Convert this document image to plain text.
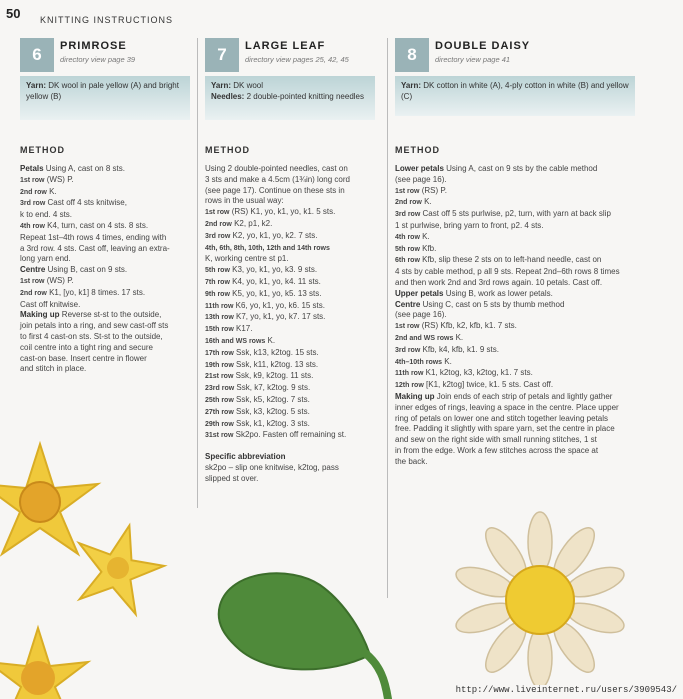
50 KNITTING INSTRUCTIONS
6	PRIMROSE
directory view page 39
Yarn: DK wool in pale yellow (A) and bright yellow (B)
METHOD

Petals Using A, cast on 8 sts.

1st row (WS) P.

2nd row K.

3rd row Cast off 4 sts knitwise,

k to end. 4 sts.

4th row K4, turn, cast on 4 sts. 8 sts.

Repeat 1st–4th rows 4 times, ending with

a 3rd row. 4 sts. Cast off, leaving an extra-

long yarn end.

Centre Using B, cast on 9 sts.

1st row (WS) P.

2nd row K1, [yo, k1] 8 times. 17 sts.

Cast off knitwise.

Making up Reverse st-st to the outside,

join petals into a ring, and sew cast-off sts

to first 4 cast-on sts. St-st to the outside,

coil centre into a tight ring and secure

cast-on base. Insert centre in flower

and stitch in place.

7	LARGE LEAF
directory view pages 25, 42, 45
Yarn: DK wool
Needles: 2 double-pointed knitting needles
METHOD

Using 2 double-pointed needles, cast on

3 sts and make a 4.5cm (1¾in) long cord

(see page 17). Continue on these sts in

rows in the usual way:

1st row (RS) K1, yo, k1, yo, k1. 5 sts.

2nd row K2, p1, k2.

3rd row K2, yo, k1, yo, k2. 7 sts.

4th, 6th, 8th, 10th, 12th and 14th rows

K, working centre st p1.

5th row K3, yo, k1, yo, k3. 9 sts.

7th row K4, yo, k1, yo, k4. 11 sts.

9th row K5, yo, k1, yo, k5. 13 sts.

11th row K6, yo, k1, yo, k6. 15 sts.

13th row K7, yo, k1, yo, k7. 17 sts.

15th row K17.

16th and WS rows K.

17th row Ssk, k13, k2tog. 15 sts.

19th row Ssk, k11, k2tog. 13 sts.

21st row Ssk, k9, k2tog. 11 sts.

23rd row Ssk, k7, k2tog. 9 sts.

25th row Ssk, k5, k2tog. 7 sts.

27th row Ssk, k3, k2tog. 5 sts.

29th row Ssk, k1, k2tog. 3 sts.

31st row Sk2po. Fasten off remaining st.

Specific abbreviation

sk2po – slip one knitwise, k2tog, pass

slipped st over.

8	DOUBLE DAISY
directory view page 41
Yarn: DK cotton in white (A), 4-ply cotton in white (B) and yellow (C)
METHOD

Lower petals Using A, cast on 9 sts by the cable method

(see page 16).

1st row (RS) P.

2nd row K.

3rd row Cast off 5 sts purlwise, p2, turn, with yarn at back slip

1 st purlwise, bring yarn to front, p2. 4 sts.

4th row K.

5th row Kfb.

6th row Kfb, slip these 2 sts on to left-hand needle, cast on

4 sts by cable method, p all 9 sts. Repeat 2nd–6th rows 8 times

and then work 2nd and 3rd rows again. 10 petals. Cast off.

Upper petals Using B, work as lower petals.

Centre Using C, cast on 5 sts by thumb method

(see page 16).

1st row (RS) Kfb, k2, kfb, k1. 7 sts.

2nd and WS rows K.

3rd row Kfb, k4, kfb, k1. 9 sts.

4th–10th rows K.

11th row K1, k2tog, k3, k2tog, k1. 7 sts.

12th row [K1, k2tog] twice, k1. 5 sts. Cast off.

Making up Join ends of each strip of petals and lightly gather

inner edges of rings, leaving a space in the centre. Place upper

ring of petals on lower one and stitch together leaving petals

free. Padding it slightly with spare yarn, set the centre in place

and sew on the right side with small running stitches, 1 st

in from the edge. Work a few stitches across the space at

the back.

http://www.liveinternet.ru/users/3909543/
